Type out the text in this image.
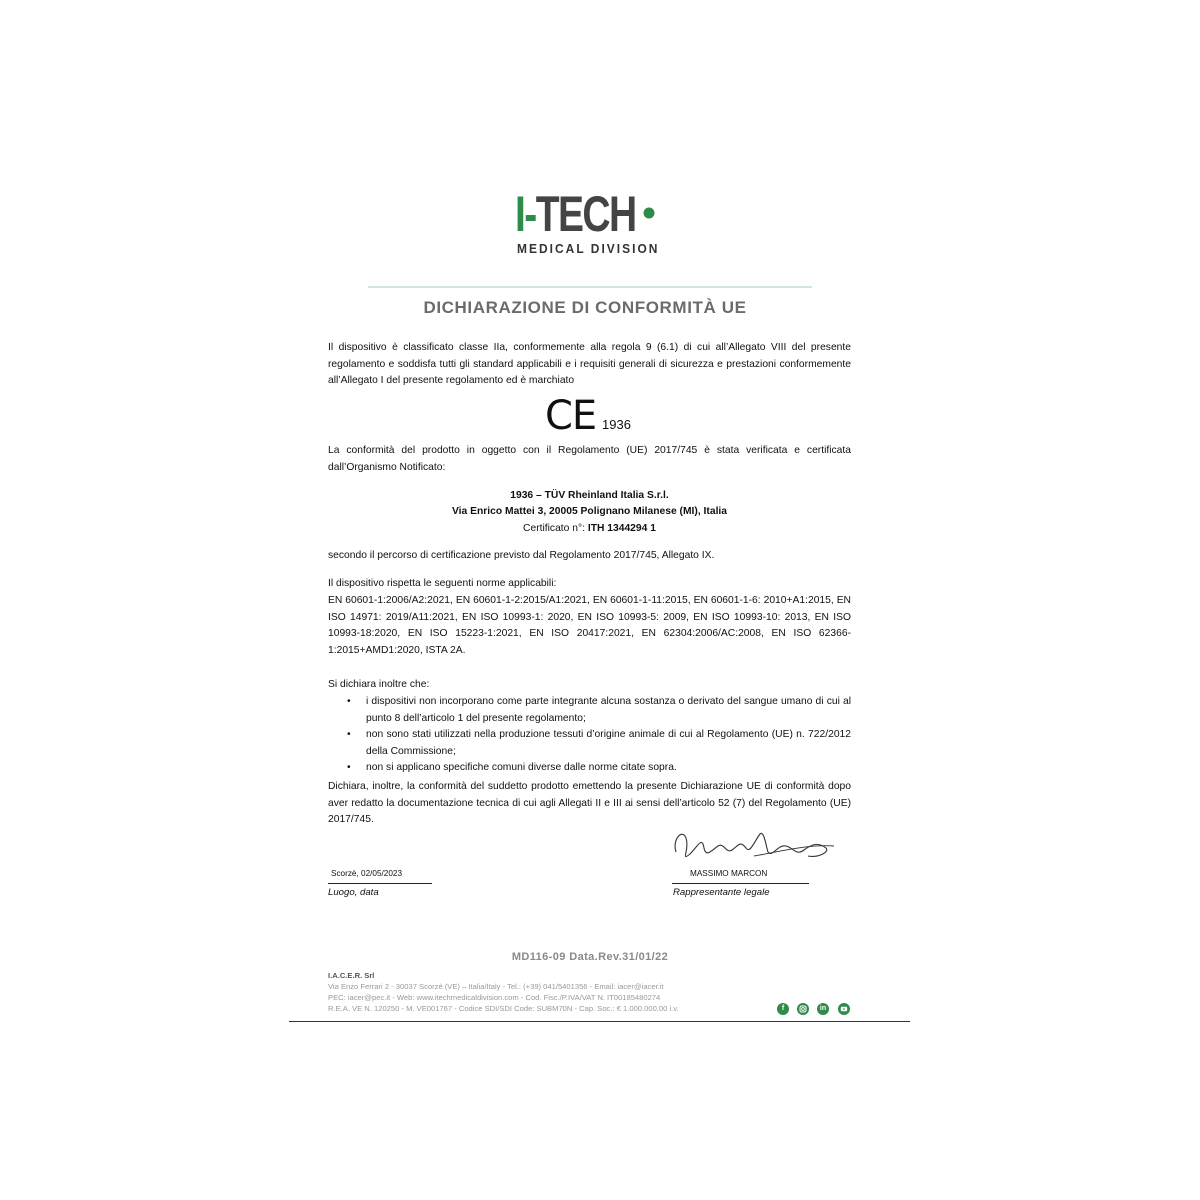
I-TECH
MEDICAL DIVISION
DICHIARAZIONE DI CONFORMITÀ UE
Il dispositivo è classificato classe IIa, conformemente alla regola 9 (6.1) di cui all’Allegato VIII del presente regolamento e soddisfa tutti gli standard applicabili e i requisiti generali di sicurezza e prestazioni conformemente all’Allegato I del presente regolamento ed è marchiato
CE 1936
La conformità del prodotto in oggetto con il Regolamento (UE) 2017/745 è stata verificata e certificata dall’Organismo Notificato:
1936 – TÜV Rheinland Italia S.r.l.
Via Enrico Mattei 3, 20005 Polignano Milanese (MI), Italia
Certificato n°: ITH 1344294 1
secondo il percorso di certificazione previsto dal Regolamento 2017/745, Allegato IX.
Il dispositivo rispetta le seguenti norme applicabili:
EN 60601-1:2006/A2:2021, EN 60601-1-2:2015/A1:2021, EN 60601-1-11:2015, EN 60601-1-6: 2010+A1:2015, EN ISO 14971: 2019/A11:2021, EN ISO 10993-1: 2020, EN ISO 10993-5: 2009, EN ISO 10993-10: 2013, EN ISO 10993-18:2020, EN ISO 15223-1:2021, EN ISO 20417:2021, EN 62304:2006/AC:2008, EN ISO 62366-1:2015+AMD1:2020, ISTA 2A.
Si dichiara inoltre che:
• i dispositivi non incorporano come parte integrante alcuna sostanza o derivato del sangue umano di cui al punto 8 dell’articolo 1 del presente regolamento;
• non sono stati utilizzati nella produzione tessuti d’origine animale di cui al Regolamento (UE) n. 722/2012 della Commissione;
• non si applicano specifiche comuni diverse dalle norme citate sopra.
Dichiara, inoltre, la conformità del suddetto prodotto emettendo la presente Dichiarazione UE di conformità dopo aver redatto la documentazione tecnica di cui agli Allegati II e III ai sensi dell’articolo 52 (7) del Regolamento (UE) 2017/745.
Scorzè, 02/05/2023
Luogo, data
MASSIMO MARCON
Rappresentante legale
MD116-09 Data.Rev.31/01/22
I.A.C.E.R. Srl
Via Enzo Ferrari 2 - 30037 Scorzè (VE) – Italia/Italy - Tel.: (+39) 041/5401356 - Email: iacer@iacer.it
PEC: iacer@pec.it - Web: www.itechmedicaldivision.com - Cod. Fisc./P.IVA/VAT N. IT00185480274
R.E.A. VE N. 120250 - M. VE001767 - Codice SDI/SDI Code: SUBM70N - Cap. Soc.: € 1.000.000,00 i.v.	f	in
